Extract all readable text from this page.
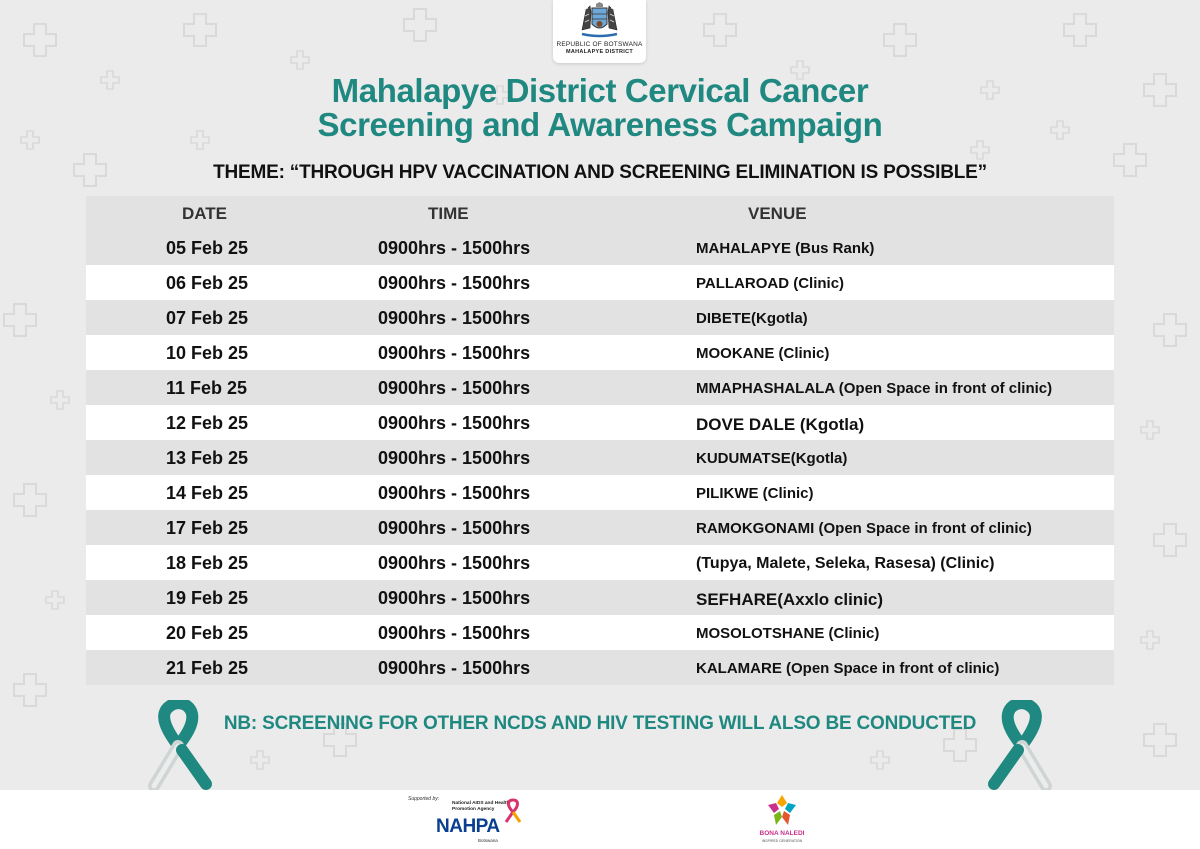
REPUBLIC OF BOTSWANA
MAHALAPYE DISTRICT
Mahalapye District Cervical Cancer
Screening and Awareness Campaign
THEME: “THROUGH HPV VACCINATION AND SCREENING ELIMINATION IS POSSIBLE”
DATE	TIME	VENUE
05 Feb 25	0900hrs - 1500hrs	MAHALAPYE (Bus Rank)
06 Feb 25	0900hrs - 1500hrs	PALLAROAD (Clinic)
07 Feb 25	0900hrs - 1500hrs	DIBETE(Kgotla)
10 Feb 25	0900hrs - 1500hrs	MOOKANE (Clinic)
11 Feb 25	0900hrs - 1500hrs	MMAPHASHALALA (Open Space in front of clinic)
12 Feb 25	0900hrs - 1500hrs	DOVE DALE (Kgotla)
13 Feb 25	0900hrs - 1500hrs	KUDUMATSE(Kgotla)
14 Feb 25	0900hrs - 1500hrs	PILIKWE (Clinic)
17 Feb 25	0900hrs - 1500hrs	RAMOKGONAMI (Open Space in front of clinic)
18 Feb 25	0900hrs - 1500hrs	(Tupya, Malete, Seleka, Rasesa) (Clinic)
19 Feb 25	0900hrs - 1500hrs	SEFHARE(Axxlo clinic)
20 Feb 25	0900hrs - 1500hrs	MOSOLOTSHANE (Clinic)
21 Feb 25	0900hrs - 1500hrs	KALAMARE (Open Space in front of clinic)
NB: SCREENING FOR OTHER NCDS AND HIV TESTING WILL ALSO BE CONDUCTED
Supported by:
National AIDS and Health Promotion Agency
NAHPA
Botswana
BONA NALEDI
INSPIRED GENERATION
